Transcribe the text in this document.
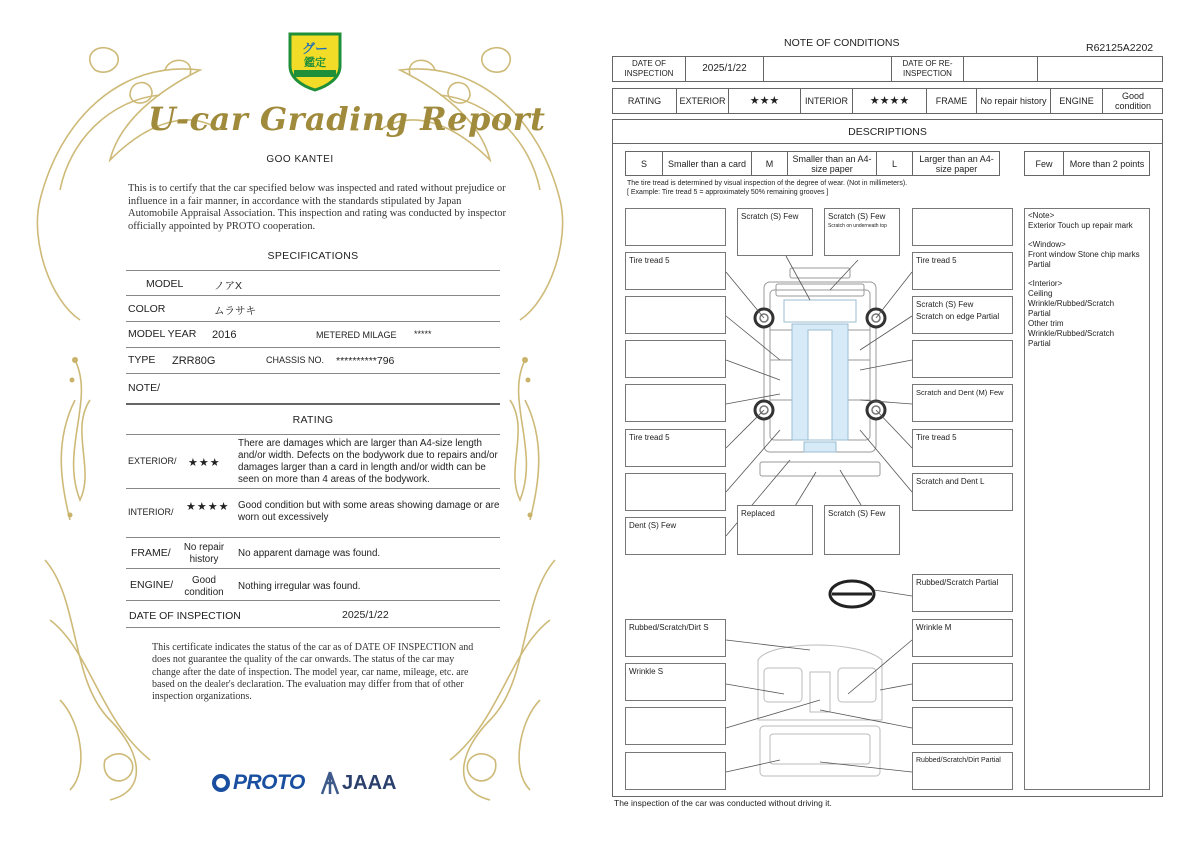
グー
鑑定
U-car Grading Report
GOO KANTEI
This is to certify that the car specified below was inspected and rated without prejudice or influence in a fair manner, in accordance with the standards stipulated by Japan Automobile Appraisal Association. This inspection and rating was conducted by inspector officially appointed by PROTO cooperation.
SPECIFICATIONS
MODEL	ノアX
COLOR	ムラサキ
MODEL YEAR 2016	METERED MILAGE *****
TYPE ZRR80G	CHASSIS NO. **********796
NOTE/
RATING
EXTERIOR/ ★★★
There are damages which are larger than A4-size length and/or width. Defects on the bodywork due to repairs and/or damages larger than a card in length and/or width can be seen on more than 4 areas of the bodywork.
INTERIOR/ ★★★★ Good condition but with some areas showing damage or are worn out excessively
FRAME/	No repair history
No apparent damage was found.
ENGINE/	Good condition
Nothing irregular was found.
DATE OF INSPECTION	2025/1/22
This certificate indicates the status of the car as of DATE OF INSPECTION and does not guarantee the quality of the car onwards. The status of the car may change after the date of inspection. The model year, car name, mileage, etc. are based on the dealer's declaration. The evaluation may differ from that of other inspection organizations.
PROTO JAAA
NOTE OF CONDITIONS	R62125A2202
DATE OF INSPECTION	2025/1/22	DATE OF RE-INSPECTION
RATING	EXTERIOR	★★★	INTERIOR	★★★★	FRAME	No repair history	ENGINE	Good condition
DESCRIPTIONS
S	Smaller than a card	M	Smaller than an A4-size paper	L	Larger than an A4-size paper	Few	More than 2 points
The tire tread is determined by visual inspection of the degree of wear. (Not in millimeters).
[ Example: Tire tread 5 = approximately 50% remaining grooves ]
Tire tread 5
Tire tread 5
Dent (S) Few
Scratch (S) Few	Scratch (S) Few
Scratch on underneath top
Replaced	Scratch (S) Few
Tire tread 5
Scratch (S) Few
Scratch on edge Partial
Scratch and Dent (M) Few
Tire tread 5
Scratch and Dent L
Rubbed/Scratch Partial
Rubbed/Scratch/Dirt S	Wrinkle M
Wrinkle S
Rubbed/Scratch/Dirt Partial
<Note>
Exterior Touch up repair mark
<Window>
Front window Stone chip marks Partial
<Interior>
Ceiling
Wrinkle/Rubbed/Scratch
Partial
Other trim
Wrinkle/Rubbed/Scratch
Partial
The inspection of the car was conducted without driving it.
